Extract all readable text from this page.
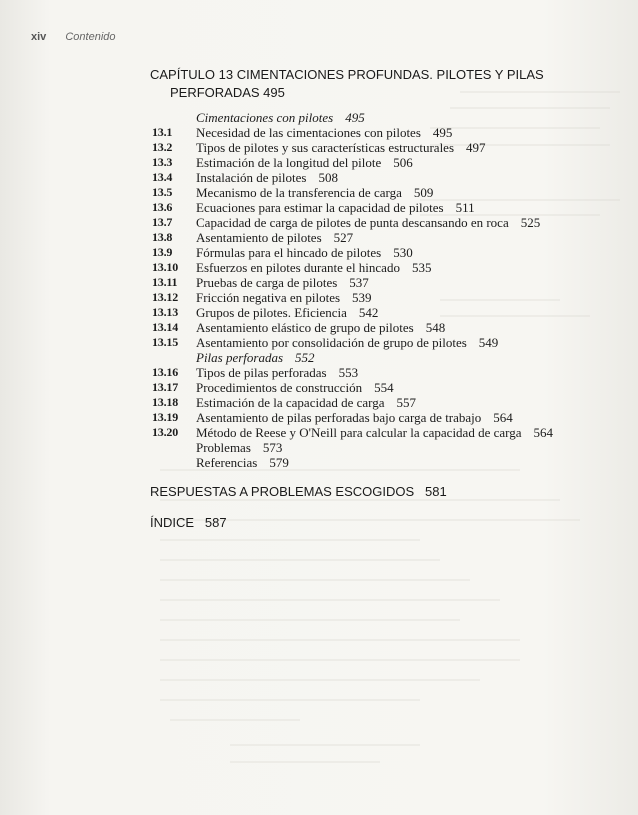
xiv Contenido
CAPÍTULO 13 CIMENTACIONES PROFUNDAS. PILOTES Y PILAS
PERFORADAS 495
Cimentaciones con pilotes 495
13.1	Necesidad de las cimentaciones con pilotes 495
13.2	Tipos de pilotes y sus características estructurales 497
13.3	Estimación de la longitud del pilote 506
13.4	Instalación de pilotes 508
13.5	Mecanismo de la transferencia de carga 509
13.6	Ecuaciones para estimar la capacidad de pilotes 511
13.7	Capacidad de carga de pilotes de punta descansando en roca 525
13.8	Asentamiento de pilotes 527
13.9	Fórmulas para el hincado de pilotes 530
13.10	Esfuerzos en pilotes durante el hincado 535
13.11	Pruebas de carga de pilotes 537
13.12	Fricción negativa en pilotes 539
13.13	Grupos de pilotes. Eficiencia 542
13.14	Asentamiento elástico de grupo de pilotes 548
13.15	Asentamiento por consolidación de grupo de pilotes 549
Pilas perforadas 552
13.16	Tipos de pilas perforadas 553
13.17	Procedimientos de construcción 554
13.18	Estimación de la capacidad de carga 557
13.19	Asentamiento de pilas perforadas bajo carga de trabajo 564
13.20	Método de Reese y O'Neill para calcular la capacidad de carga 564
Problemas 573
Referencias 579
RESPUESTAS A PROBLEMAS ESCOGIDOS 581
ÍNDICE 587
